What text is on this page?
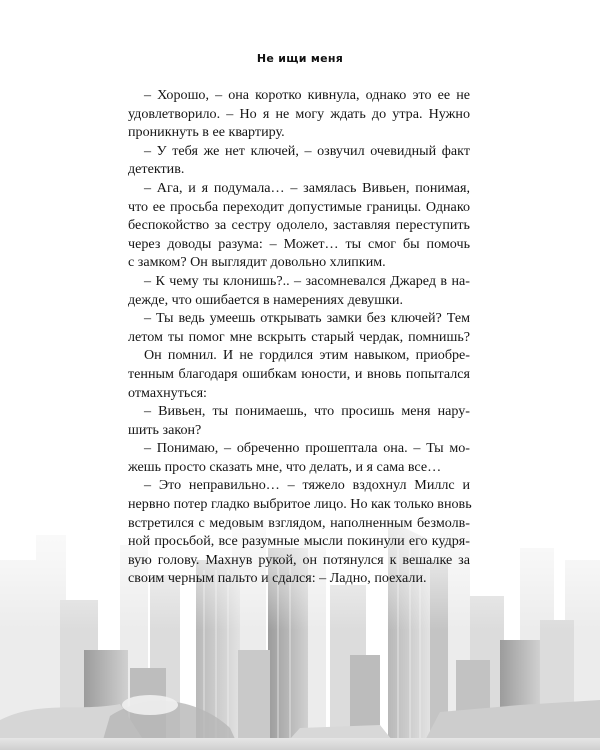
Не ищи меня
– Хорошо, – она коротко кивнула, однако это ее не
удовлетворило. – Но я не могу ждать до утра. Нужно
проникнуть в ее квартиру.
– У тебя же нет ключей, – озвучил очевидный факт
детектив.
– Ага, и я подумала… – замялась Вивьен, понимая,
что ее просьба переходит допустимые границы. Однако
беспокойство за сестру одолело, заставляя переступить
через доводы разума: – Может… ты смог бы помочь
с замком? Он выглядит довольно хлипким.
– К чему ты клонишь?.. – засомневался Джаред в на-
деждe, что ошибается в намерениях девушки.
– Ты ведь умеешь открывать замки без ключей? Тем
летом ты помог мне вскрыть старый чердак, помнишь?
Он помнил. И не гордился этим навыком, приобре-
тенным благодаря ошибкам юности, и вновь попытался
отмахнуться:
– Вивьен, ты понимаешь, что просишь меня нару-
шить закон?
– Понимаю, – обреченно прошептала она. – Ты мо-
жешь просто сказать мне, что делать, и я сама все…
– Это неправильно… – тяжело вздохнул Миллс и
нервно потер гладко выбритое лицо. Но как только вновь
встретился с медовым взглядом, наполненным безмолв-
ной просьбой, все разумные мысли покинули его кудря-
вую голову. Махнув рукой, он потянулся к вешалке за
своим черным пальто и сдался: – Ладно, поехали.
